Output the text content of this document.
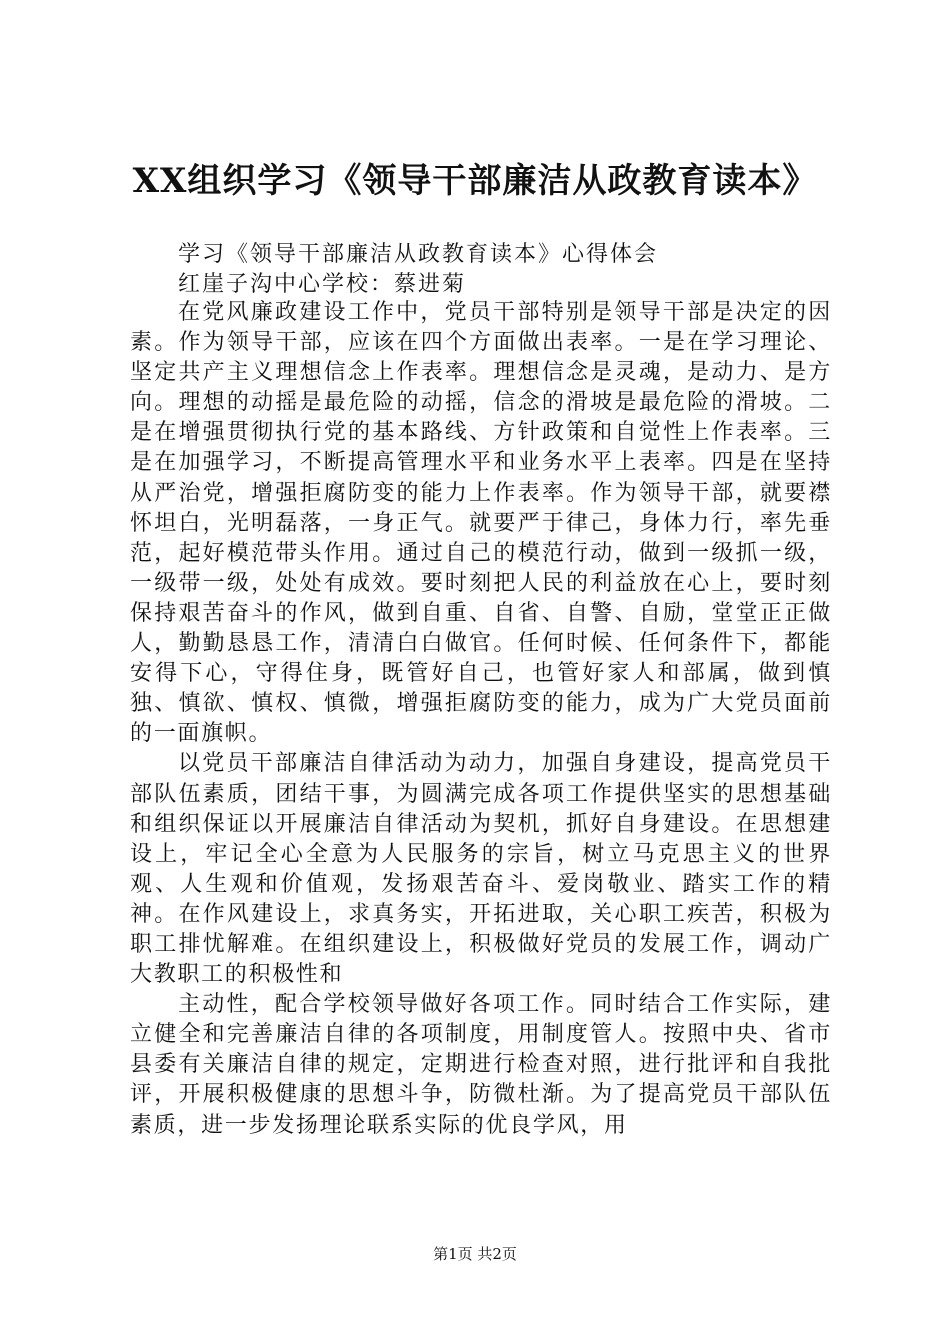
XX组织学习《领导干部廉洁从政教育读本》
学习《领导干部廉洁从政教育读本》心得体会
红崖子沟中心学校：蔡进菊

在党风廉政建设工作中，党员干部特别是领导干部是决定的因素。作为领导干部，应该在四个方面做出表率。一是在学习理论、坚定共产主义理想信念上作表率。理想信念是灵魂，是动力、是方向。理想的动摇是最危险的动摇，信念的滑坡是最危险的滑坡。二是在增强贯彻执行党的基本路线、方针政策和自觉性上作表率。三是在加强学习，不断提高管理水平和业务水平上表率。四是在坚持从严治党，增强拒腐防变的能力上作表率。作为领导干部，就要襟怀坦白，光明磊落，一身正气。就要严于律己，身体力行，率先垂范，起好模范带头作用。通过自己的模范行动，做到一级抓一级，一级带一级，处处有成效。要时刻把人民的利益放在心上，要时刻保持艰苦奋斗的作风，做到自重、自省、自警、自励，堂堂正正做人，勤勤恳恳工作，清清白白做官。任何时候、任何条件下，都能安得下心，守得住身，既管好自己，也管好家人和部属，做到慎独、慎欲、慎权、慎微，增强拒腐防变的能力，成为广大党员面前的一面旗帜。

以党员干部廉洁自律活动为动力，加强自身建设，提高党员干部队伍素质，团结干事，为圆满完成各项工作提供坚实的思想基础和组织保证以开展廉洁自律活动为契机，抓好自身建设。在思想建设上，牢记全心全意为人民服务的宗旨，树立马克思主义的世界观、人生观和价值观，发扬艰苦奋斗、爱岗敬业、踏实工作的精神。在作风建设上，求真务实，开拓进取，关心职工疾苦，积极为职工排忧解难。在组织建设上，积极做好党员的发展工作，调动广大教职工的积极性和

主动性，配合学校领导做好各项工作。同时结合工作实际，建立健全和完善廉洁自律的各项制度，用制度管人。按照中央、省市县委有关廉洁自律的规定，定期进行检查对照，进行批评和自我批评，开展积极健康的思想斗争，防微杜渐。为了提高党员干部队伍素质，进一步发扬理论联系实际的优良学风，用

第1页 共2页
